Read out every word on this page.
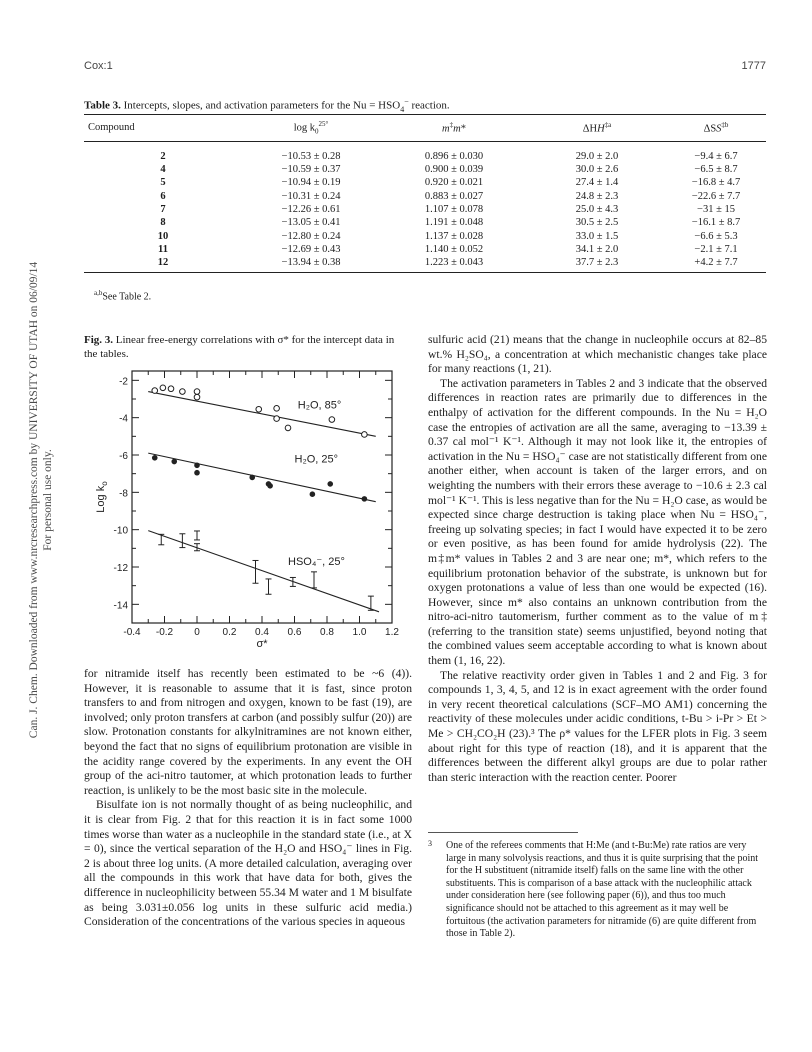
Cox:1	1777
Can. J. Chem. Downloaded from www.nrcresearchpress.com by UNIVERSITY OF UTAH on 06/09/14 For personal use only.
Table 3. Intercepts, slopes, and activation parameters for the $Nu = HSO_4^-$ reaction.
Compound	$\log k_0^{25^\circ}$	m‡m*	ΔHH$^{\ddagger a}$	ΔSS$^{\ddagger b}$
2	−10.53 ± 0.28	0.896 ± 0.030	29.0 ± 2.0	−9.4 ± 6.7
4	−10.59 ± 0.37	0.900 ± 0.039	30.0 ± 2.6	−6.5 ± 8.7
5	−10.94 ± 0.19	0.920 ± 0.021	27.4 ± 1.4	−16.8 ± 4.7
6	−10.31 ± 0.24	0.883 ± 0.027	24.8 ± 2.3	−22.6 ± 7.7
7	−12.26 ± 0.61	1.107 ± 0.078	25.0 ± 4.3	−31 ± 15
8	−13.05 ± 0.41	1.191 ± 0.048	30.5 ± 2.5	−16.1 ± 8.7
10	−12.80 ± 0.24	1.137 ± 0.028	33.0 ± 1.5	−6.6 ± 5.3
11	−12.69 ± 0.43	1.140 ± 0.052	34.1 ± 2.0	−2.1 ± 7.1
12	−13.94 ± 0.38	1.223 ± 0.043	37.7 ± 2.3	+4.2 ± 7.7
$^{a,b}$See Table 2.
Fig. 3. Linear free-energy correlations with σ* for the intercept data in the tables.
-0.4 -0.2 0 0.2 0.4 0.6 0.8 1.0 1.2
-2
-4
-6
-8
-10
-12
-14
σ*
Log $k_o$
H₂O, 85°
H₂O, 25°
HSO₄⁻, 25°

for nitramide itself has recently been estimated to be ~6 (4)). However, it is reasonable to assume that it is fast, since proton transfers to and from nitrogen and oxygen, known to be fast (19), are involved; only proton transfers at carbon (and possibly sulfur (20)) are slow. Protonation constants for alkylnitramines are not known either, beyond the fact that no signs of equilibrium protonation are visible in the acidity range covered by the experiments. In any event the OH group of the aci-nitro tautomer, at which protonation leads to further reaction, is unlikely to be the most basic site in the molecule.

Bisulfate ion is not normally thought of as being nucleophilic, and it is clear from Fig. 2 that for this reaction it is in fact some 1000 times worse than water as a nucleophile in the standard state (i.e., at X = 0), since the vertical separation of the H₂O and HSO₄⁻ lines in Fig. 2 is about three log units. (A more detailed calculation, averaging over all the compounds in this work that have data for both, gives the difference in nucleophilicity between 55.34 M water and 1 M bisulfate as being 3.031±0.056 log units in these sulfuric acid media.) Consideration of the concentrations of the various species in aqueous

sulfuric acid (21) means that the change in nucleophile occurs at 82–85 wt.% H₂SO₄, a concentration at which mechanistic changes take place for many reactions (1, 21).

The activation parameters in Tables 2 and 3 indicate that the observed differences in reaction rates are primarily due to differences in the enthalpy of activation for the different compounds. In the Nu = H₂O case the entropies of activation are all the same, averaging to −13.39 ± 0.37 cal mol⁻¹ K⁻¹. Although it may not look like it, the entropies of activation in the Nu = HSO₄⁻ case are not statistically different from one another either, when account is taken of the larger errors, and on weighting the numbers with their errors these average to −10.6 ± 2.3 cal mol⁻¹ K⁻¹. This is less negative than for the Nu = H₂O case, as would be expected since charge destruction is taking place when Nu = HSO₄⁻, freeing up solvating species; in fact I would have expected it to be zero or even positive, as has been found for amide hydrolysis (22). The m‡m* values in Tables 2 and 3 are near one; m*, which refers to the equilibrium protonation behavior of the substrate, is unknown but for oxygen protonations a value of less than one would be expected (16). However, since m* also contains an unknown contribution from the nitro-aci-nitro tautomerism, further comment as to the value of m‡ (referring to the transition state) seems unjustified, beyond noting that the combined values seem acceptable according to what is known about them (1, 16, 22).

The relative reactivity order given in Tables 1 and 2 and Fig. 3 for compounds 1, 3, 4, 5, and 12 is in exact agreement with the order found in very recent theoretical calculations (SCF–MO AM1) concerning the reactivity of these molecules under acidic conditions, t-Bu > i-Pr > Et > Me > CH₂CO₂H (23).³ The ρ* values for the LFER plots in Fig. 3 seem about right for this type of reaction (18), and it is apparent that the differences between the different alkyl groups are due to polar rather than steric interaction with the reaction center. Poorer

3 One of the referees comments that H:Me (and t-Bu:Me) rate ratios are very large in many solvolysis reactions, and thus it is quite surprising that the point for the H substituent (nitramide itself) falls on the same line with the other substituents. This is comparison of a base attack with the nucleophilic attack under consideration here (see following paper (6)), and thus too much significance should not be attached to this agreement as it may well be fortuitous (the activation parameters for nitramide (6) are quite different from those in Table 2).
